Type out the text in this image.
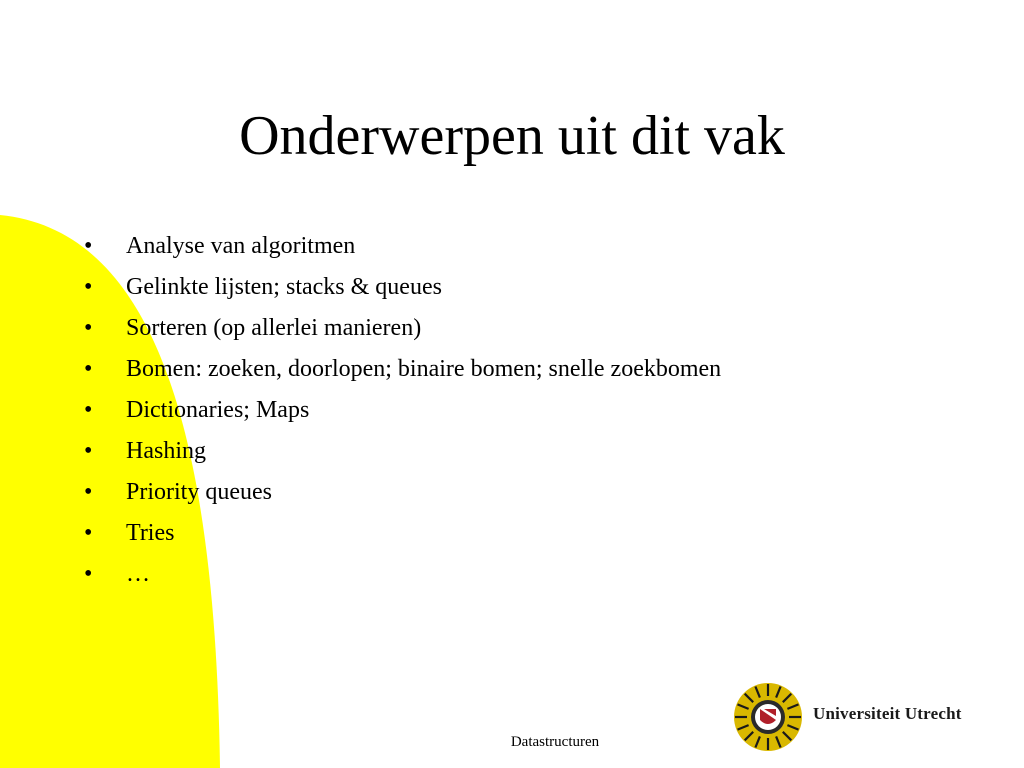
Onderwerpen uit dit vak
• Analyse van algoritmen
• Gelinkte lijsten; stacks & queues
• Sorteren (op allerlei manieren)
• Bomen: zoeken, doorlopen; binaire bomen; snelle zoekbomen
• Dictionaries; Maps
• Hashing
• Priority queues
• Tries
• …
Datastructuren
Universiteit Utrecht
